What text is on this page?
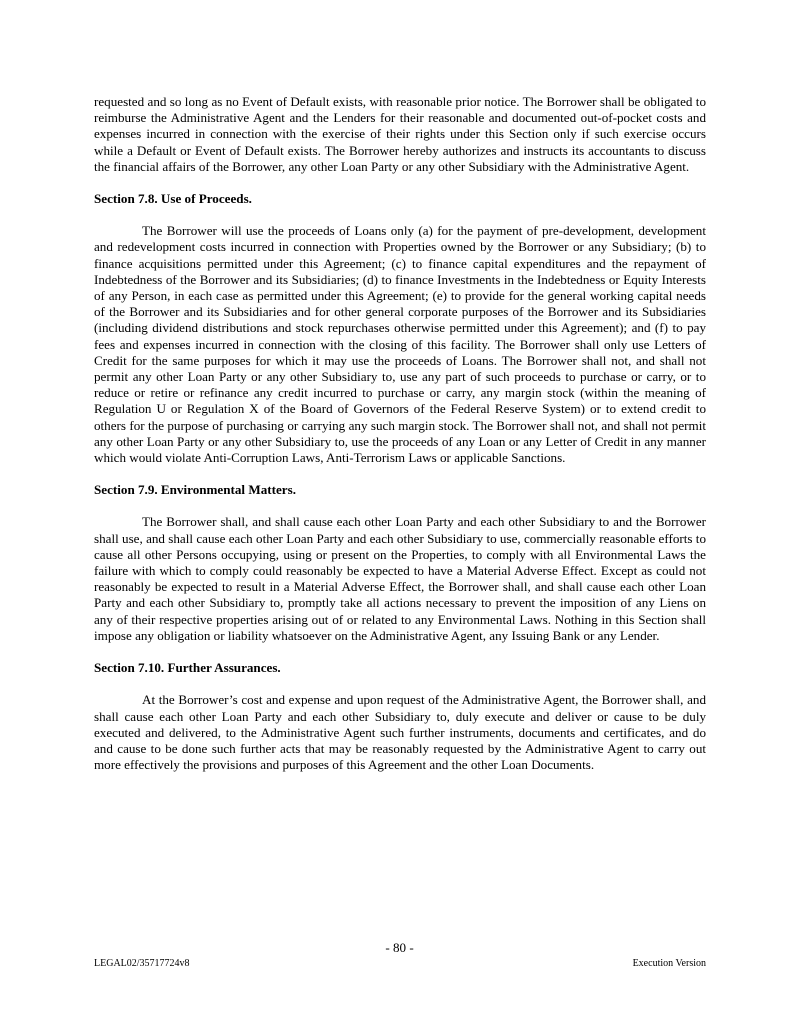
requested and so long as no Event of Default exists, with reasonable prior notice. The Borrower shall be obligated to reimburse the Administrative Agent and the Lenders for their reasonable and documented out-of-pocket costs and expenses incurred in connection with the exercise of their rights under this Section only if such exercise occurs while a Default or Event of Default exists. The Borrower hereby authorizes and instructs its accountants to discuss the financial affairs of the Borrower, any other Loan Party or any other Subsidiary with the Administrative Agent.

Section 7.8. Use of Proceeds.

The Borrower will use the proceeds of Loans only (a) for the payment of pre-development, development and redevelopment costs incurred in connection with Properties owned by the Borrower or any Subsidiary; (b) to finance acquisitions permitted under this Agreement; (c) to finance capital expenditures and the repayment of Indebtedness of the Borrower and its Subsidiaries; (d) to finance Investments in the Indebtedness or Equity Interests of any Person, in each case as permitted under this Agreement; (e) to provide for the general working capital needs of the Borrower and its Subsidiaries and for other general corporate purposes of the Borrower and its Subsidiaries (including dividend distributions and stock repurchases otherwise permitted under this Agreement); and (f) to pay fees and expenses incurred in connection with the closing of this facility. The Borrower shall only use Letters of Credit for the same purposes for which it may use the proceeds of Loans. The Borrower shall not, and shall not permit any other Loan Party or any other Subsidiary to, use any part of such proceeds to purchase or carry, or to reduce or retire or refinance any credit incurred to purchase or carry, any margin stock (within the meaning of Regulation U or Regulation X of the Board of Governors of the Federal Reserve System) or to extend credit to others for the purpose of purchasing or carrying any such margin stock. The Borrower shall not, and shall not permit any other Loan Party or any other Subsidiary to, use the proceeds of any Loan or any Letter of Credit in any manner which would violate Anti-Corruption Laws, Anti-Terrorism Laws or applicable Sanctions.

Section 7.9. Environmental Matters.

The Borrower shall, and shall cause each other Loan Party and each other Subsidiary to and the Borrower shall use, and shall cause each other Loan Party and each other Subsidiary to use, commercially reasonable efforts to cause all other Persons occupying, using or present on the Properties, to comply with all Environmental Laws the failure with which to comply could reasonably be expected to have a Material Adverse Effect. Except as could not reasonably be expected to result in a Material Adverse Effect, the Borrower shall, and shall cause each other Loan Party and each other Subsidiary to, promptly take all actions necessary to prevent the imposition of any Liens on any of their respective properties arising out of or related to any Environmental Laws. Nothing in this Section shall impose any obligation or liability whatsoever on the Administrative Agent, any Issuing Bank or any Lender.

Section 7.10. Further Assurances.

At the Borrower’s cost and expense and upon request of the Administrative Agent, the Borrower shall, and shall cause each other Loan Party and each other Subsidiary to, duly execute and deliver or cause to be duly executed and delivered, to the Administrative Agent such further instruments, documents and certificates, and do and cause to be done such further acts that may be reasonably requested by the Administrative Agent to carry out more effectively the provisions and purposes of this Agreement and the other Loan Documents.

- 80 -
LEGAL02/35717724v8	Execution Version
